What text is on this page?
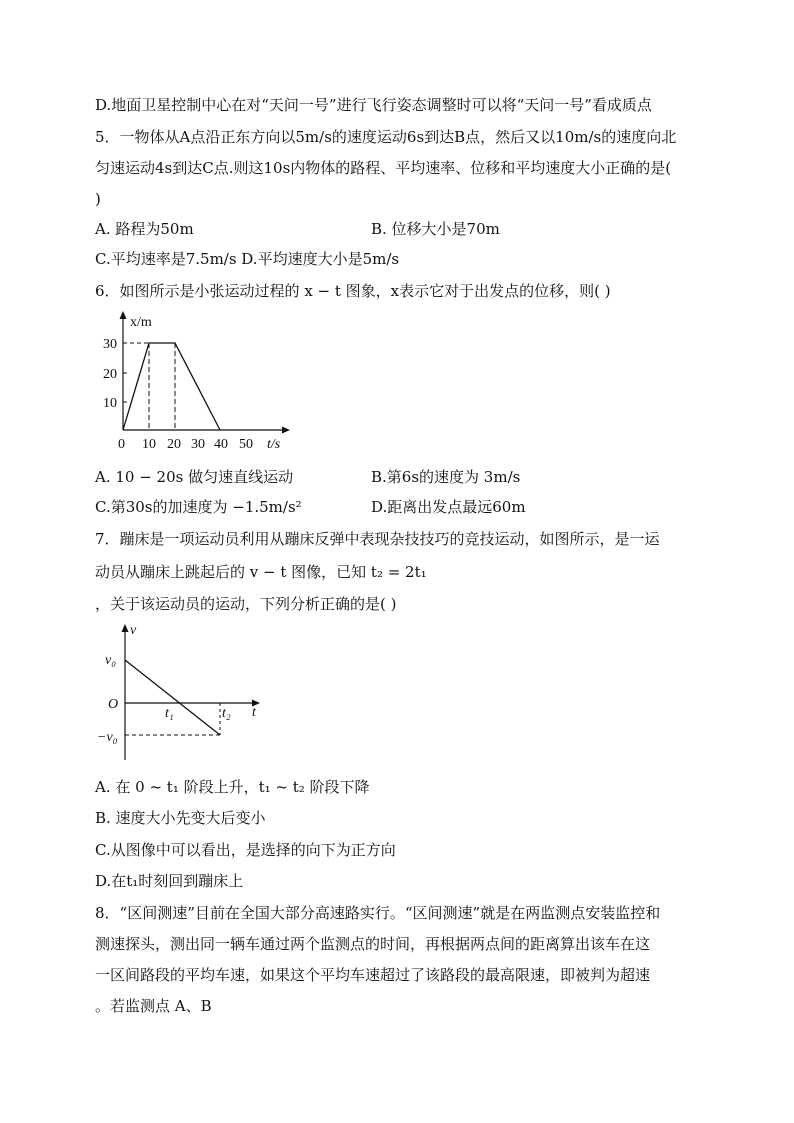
D.地面卫星控制中心在对“天问一号”进行飞行姿态调整时可以将“天问一号”看成质点
5．一物体从A点沿正东方向以5m/s的速度运动6s到达B点，然后又以10m/s的速度向北
匀速运动4s到达C点.则这10s内物体的路程、平均速率、位移和平均速度大小正确的是(
)
A. 路程为50m	B. 位移大小是70m
C.平均速率是7.5m/s D.平均速度大小是5m/s
6．如图所示是小张运动过程的 x − t 图象，x表示它对于出发点的位移，则( )
x/m
30
20
10
0 10 20 30 40 50 t/s
A. 10 − 20s 做匀速直线运动	B.第6s的速度为 3m/s
C.第30s的加速度为 −1.5m/s²	D.距离出发点最远60m
7．蹦床是一项运动员利用从蹦床反弹中表现杂技技巧的竞技运动，如图所示，是一运
动员从蹦床上跳起后的 v − t 图像，已知 t₂ = 2t₁
，关于该运动员的运动，下列分析正确的是( )
v
v₀
O
t₁	t₂ t
−v₀
A. 在 0 ~ t₁ 阶段上升，t₁ ~ t₂ 阶段下降
B. 速度大小先变大后变小
C.从图像中可以看出，是选择的向下为正方向
D.在t₁时刻回到蹦床上
8．“区间测速”目前在全国大部分高速路实行。“区间测速”就是在两监测点安装监控和
测速探头，测出同一辆车通过两个监测点的时间，再根据两点间的距离算出该车在这
一区间路段的平均车速，如果这个平均车速超过了该路段的最高限速，即被判为超速
。若监测点 A、B
